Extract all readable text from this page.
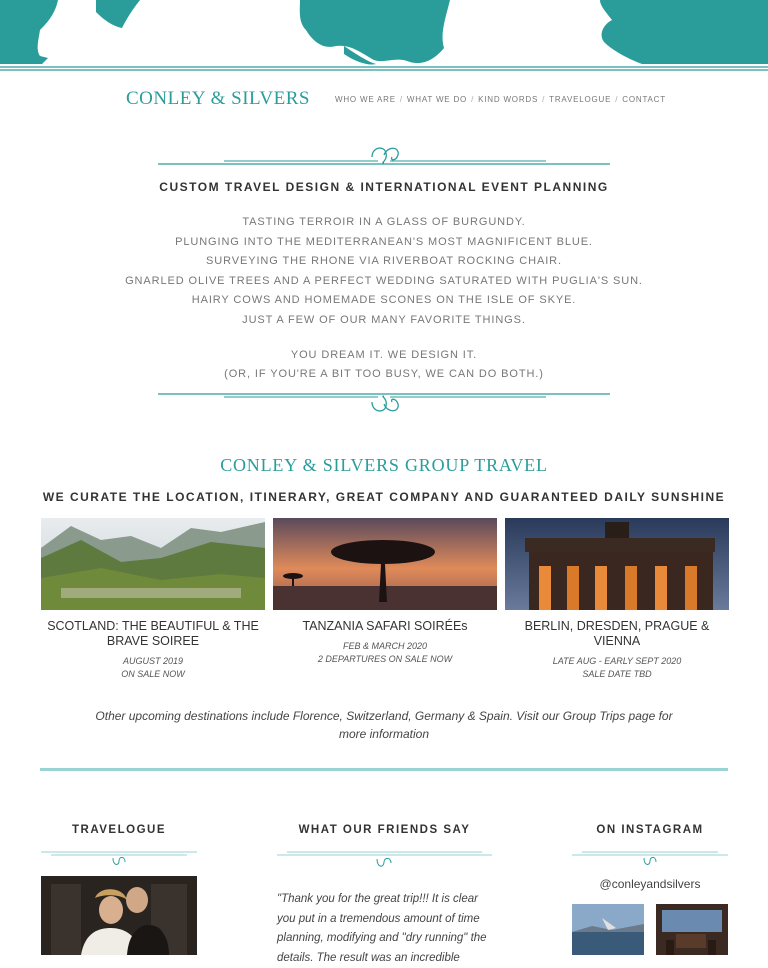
CONLEY & SILVERS	WHO WE ARE / WHAT WE DO / KIND WORDS / TRAVELOGUE / CONTACT
CUSTOM TRAVEL DESIGN & INTERNATIONAL EVENT PLANNING
TASTING TERROIR IN A GLASS OF BURGUNDY.
PLUNGING INTO THE MEDITERRANEAN'S MOST MAGNIFICENT BLUE.
SURVEYING THE RHONE VIA RIVERBOAT ROCKING CHAIR.
GNARLED OLIVE TREES AND A PERFECT WEDDING SATURATED WITH PUGLIA'S SUN.
HAIRY COWS AND HOMEMADE SCONES ON THE ISLE OF SKYE.
JUST A FEW OF OUR MANY FAVORITE THINGS.
YOU DREAM IT. WE DESIGN IT.
(OR, IF YOU'RE A BIT TOO BUSY, WE CAN DO BOTH.)
CONLEY & SILVERS GROUP TRAVEL
WE CURATE THE LOCATION, ITINERARY, GREAT COMPANY AND GUARANTEED DAILY SUNSHINE
SCOTLAND: THE BEAUTIFUL & THE BRAVE SOIREE
AUGUST 2019
ON SALE NOW
TANZANIA SAFARI SOIRÉEs
FEB & MARCH 2020
2 DEPARTURES ON SALE NOW
BERLIN, DRESDEN, PRAGUE & VIENNA
LATE AUG - EARLY SEPT 2020
SALE DATE TBD
Other upcoming destinations include Florence, Switzerland, Germany & Spain. Visit our Group Trips page for more information
TRAVELOGUE	WHAT OUR FRIENDS SAY	ON INSTAGRAM
"Thank you for the great trip!!! It is clear you put in a tremendous amount of time planning, modifying and "dry running" the details. The result was an incredible
@conleyandsilvers
